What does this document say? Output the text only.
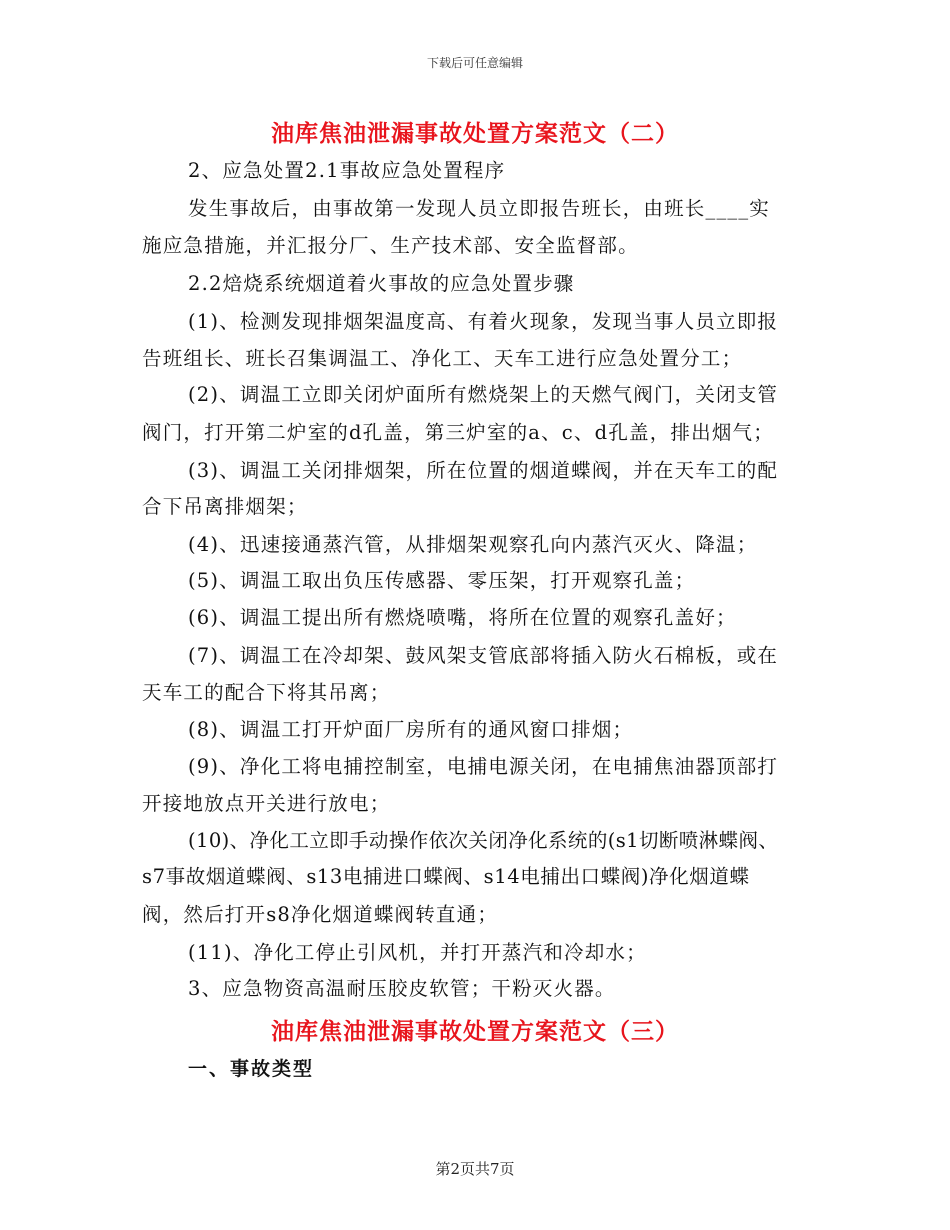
下载后可任意编辑
油库焦油泄漏事故处置方案范文（二）
2、应急处置2.1事故应急处置程序
发生事故后，由事故第一发现人员立即报告班长，由班长____实
施应急措施，并汇报分厂、生产技术部、安全监督部。
2.2焙烧系统烟道着火事故的应急处置步骤
(1)、检测发现排烟架温度高、有着火现象，发现当事人员立即报
告班组长、班长召集调温工、净化工、天车工进行应急处置分工；
(2)、调温工立即关闭炉面所有燃烧架上的天燃气阀门，关闭支管
阀门，打开第二炉室的d孔盖，第三炉室的a、c、d孔盖，排出烟气；
(3)、调温工关闭排烟架，所在位置的烟道蝶阀，并在天车工的配
合下吊离排烟架；
(4)、迅速接通蒸汽管，从排烟架观察孔向内蒸汽灭火、降温；
(5)、调温工取出负压传感器、零压架，打开观察孔盖；
(6)、调温工提出所有燃烧喷嘴，将所在位置的观察孔盖好；
(7)、调温工在冷却架、鼓风架支管底部将插入防火石棉板，或在
天车工的配合下将其吊离；
(8)、调温工打开炉面厂房所有的通风窗口排烟；
(9)、净化工将电捕控制室，电捕电源关闭，在电捕焦油器顶部打
开接地放点开关进行放电；
(10)、净化工立即手动操作依次关闭净化系统的(s1切断喷淋蝶阀、
s7事故烟道蝶阀、s13电捕进口蝶阀、s14电捕出口蝶阀)净化烟道蝶
阀，然后打开s8净化烟道蝶阀转直通；
(11)、净化工停止引风机，并打开蒸汽和冷却水；
3、应急物资高温耐压胶皮软管；干粉灭火器。
油库焦油泄漏事故处置方案范文（三）
一、事故类型
第2页共7页
